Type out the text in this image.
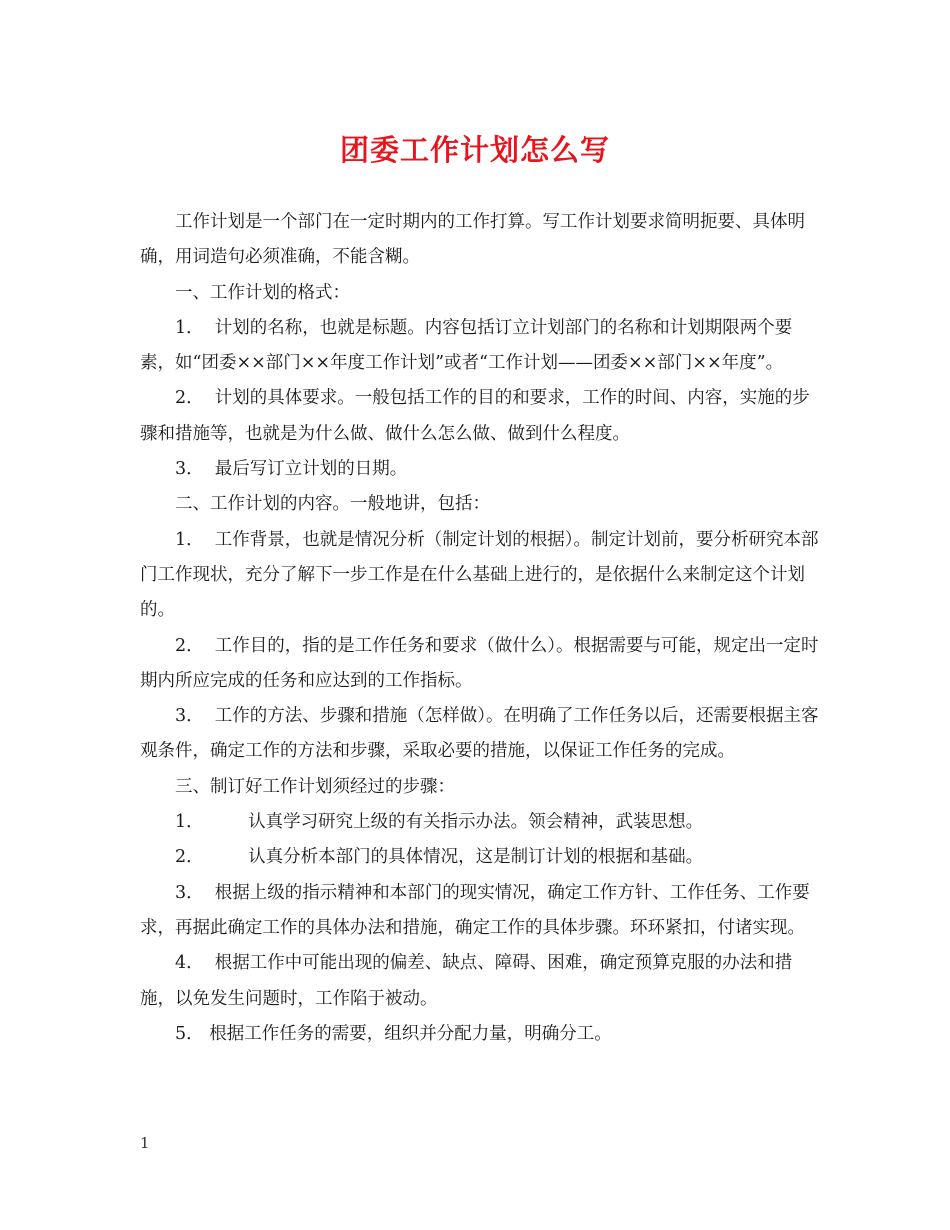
团委工作计划怎么写

工作计划是一个部门在一定时期内的工作打算。写工作计划要求简明扼要、具体明确，用词造句必须准确，不能含糊。

一、工作计划的格式：

1．  计划的名称，也就是标题。内容包括订立计划部门的名称和计划期限两个要素，如“团委××部门××年度工作计划”或者“工作计划——团委××部门××年度”。

2．  计划的具体要求。一般包括工作的目的和要求，工作的时间、内容，实施的步骤和措施等，也就是为什么做、做什么怎么做、做到什么程度。

3．  最后写订立计划的日期。

二、工作计划的内容。一般地讲，包括：

1．  工作背景，也就是情况分析（制定计划的根据）。制定计划前，要分析研究本部门工作现状，充分了解下一步工作是在什么基础上进行的，是依据什么来制定这个计划的。

2．  工作目的，指的是工作任务和要求（做什么）。根据需要与可能，规定出一定时期内所应完成的任务和应达到的工作指标。

3．  工作的方法、步骤和措施（怎样做）。在明确了工作任务以后，还需要根据主客观条件，确定工作的方法和步骤，采取必要的措施，以保证工作任务的完成。

三、制订好工作计划须经过的步骤：

1．        认真学习研究上级的有关指示办法。领会精神，武装思想。

2．        认真分析本部门的具体情况，这是制订计划的根据和基础。

3．  根据上级的指示精神和本部门的现实情况，确定工作方针、工作任务、工作要求，再据此确定工作的具体办法和措施，确定工作的具体步骤。环环紧扣，付诸实现。

4．  根据工作中可能出现的偏差、缺点、障碍、困难，确定预算克服的办法和措施，以免发生问题时，工作陷于被动。

5． 根据工作任务的需要，组织并分配力量，明确分工。

1
